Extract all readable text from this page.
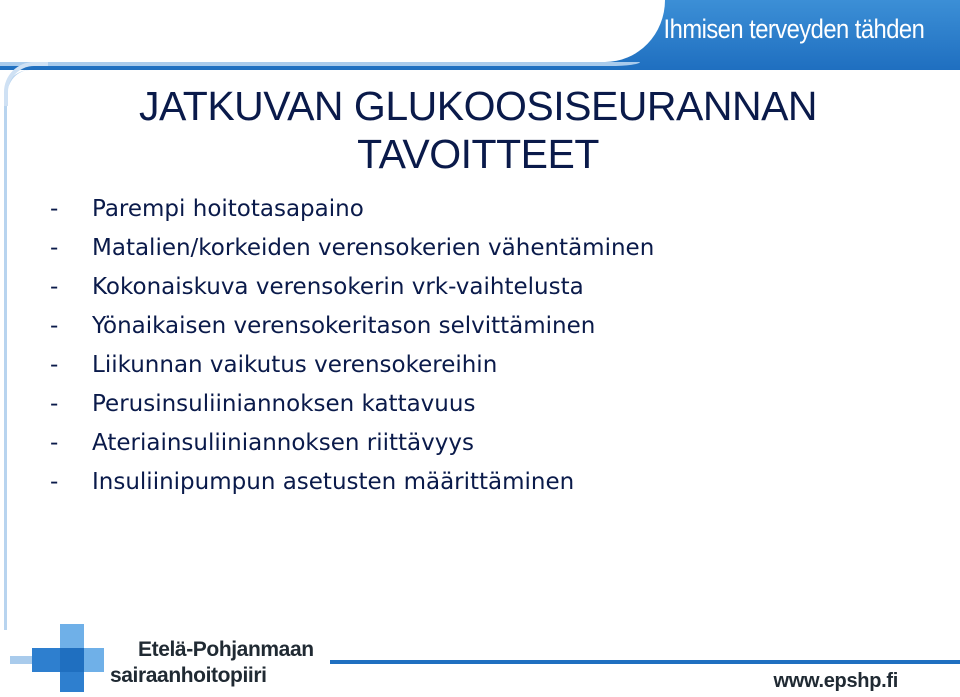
Ihmisen terveyden tähden
JATKUVAN GLUKOOSISEURANNAN
TAVOITTEET
-	Parempi hoitotasapaino
-	Matalien/korkeiden verensokerien vähentäminen
-	Kokonaiskuva verensokerin vrk-vaihtelusta
-	Yönaikaisen verensokeritason selvittäminen
-	Liikunnan vaikutus verensokereihin
-	Perusinsuliiniannoksen kattavuus
-	Ateriainsuliiniannoksen riittävyys
-	Insuliinipumpun asetusten määrittäminen
Etelä-Pohjanmaan
sairaanhoitopiiri	www.epshp.fi
